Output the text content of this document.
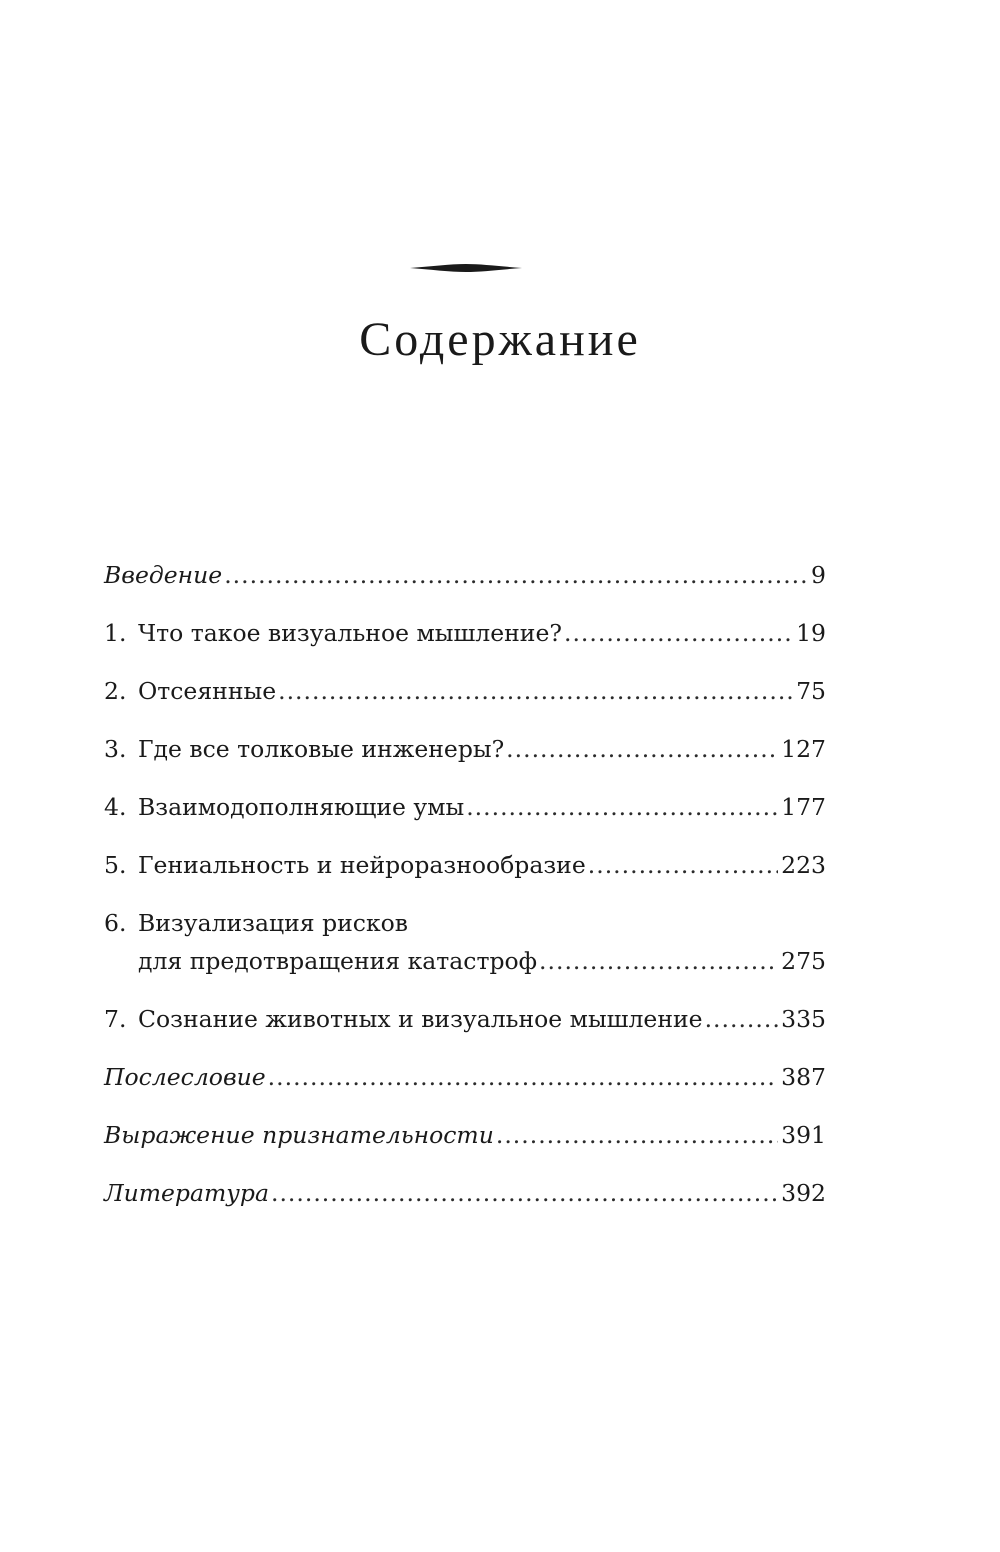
Содержание
Введение .....	9
1. Что такое визуальное мышление? .....	19
2. Отсеянные .....	75
3. Где все толковые инженеры? .....	127
4. Взаимодополняющие умы .....	177
5. Гениальность и нейроразнообразие .....	223
6. Визуализация рисков
для предотвращения катастроф .....	275
7. Сознание животных и визуальное мышление .....	335
Послесловие .....	387
Выражение признательности .....	391
Литература .....	392
